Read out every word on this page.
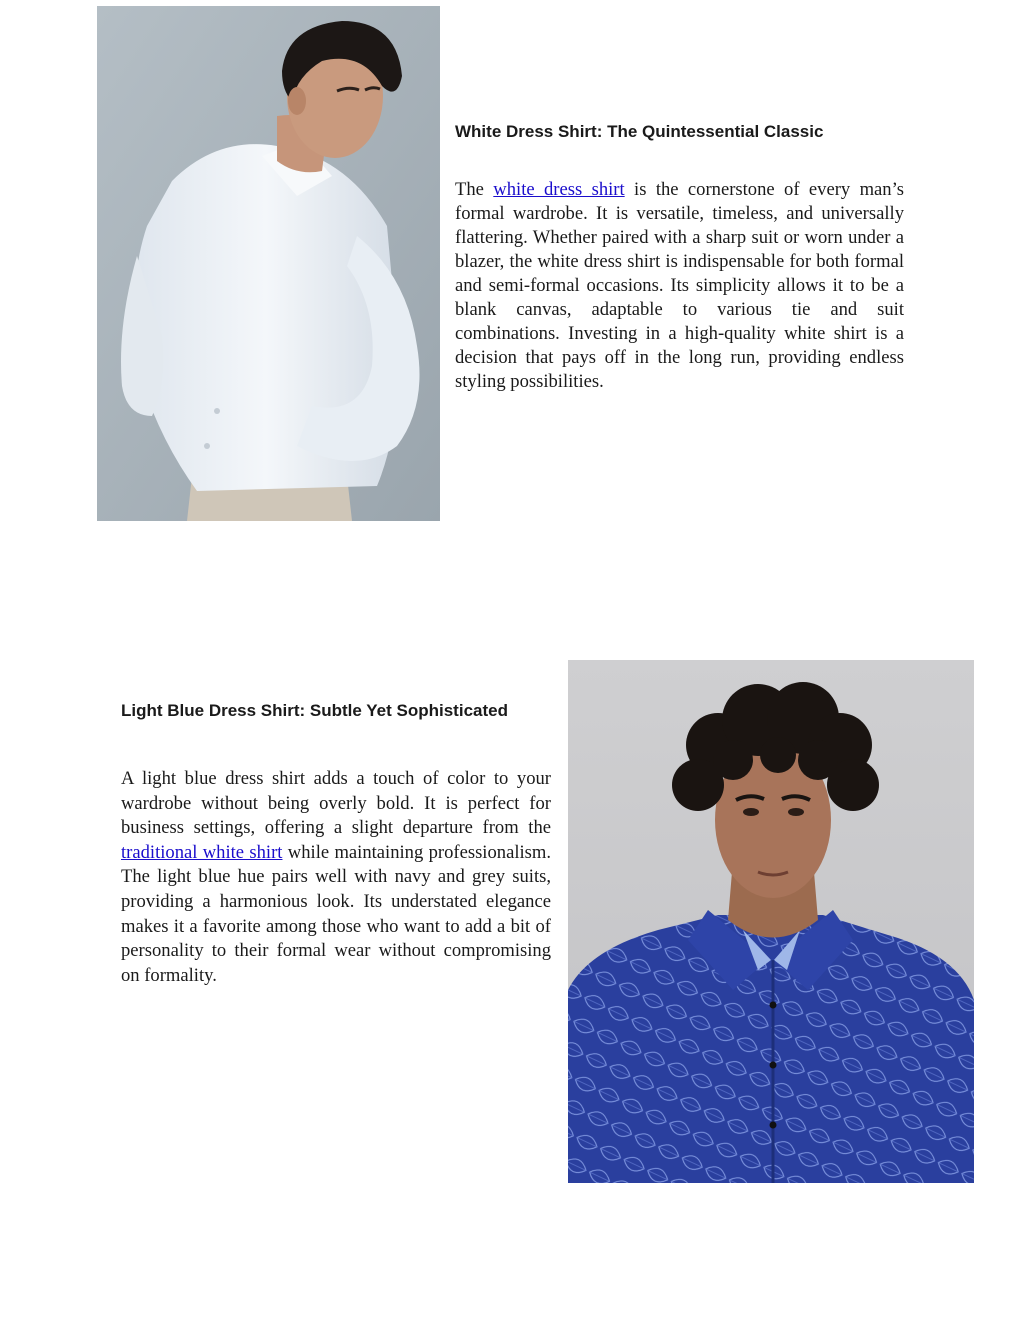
White Dress Shirt: The Quintessential Classic

The white dress shirt is the cornerstone of every man’s formal wardrobe. It is versatile, timeless, and universally flattering. Whether paired with a sharp suit or worn under a blazer, the white dress shirt is indispensable for both formal and semi-formal occasions. Its simplicity allows it to be a blank canvas, adaptable to various tie and suit combinations. Investing in a high-quality white shirt is a decision that pays off in the long run, providing endless styling possibilities.

Light Blue Dress Shirt: Subtle Yet Sophisticated

A light blue dress shirt adds a touch of color to your wardrobe without being overly bold. It is perfect for business settings, offering a slight departure from the traditional white shirt while maintaining professionalism. The light blue hue pairs well with navy and grey suits, providing a harmonious look. Its understated elegance makes it a favorite among those who want to add a bit of personality to their formal wear without compromising on formality.
